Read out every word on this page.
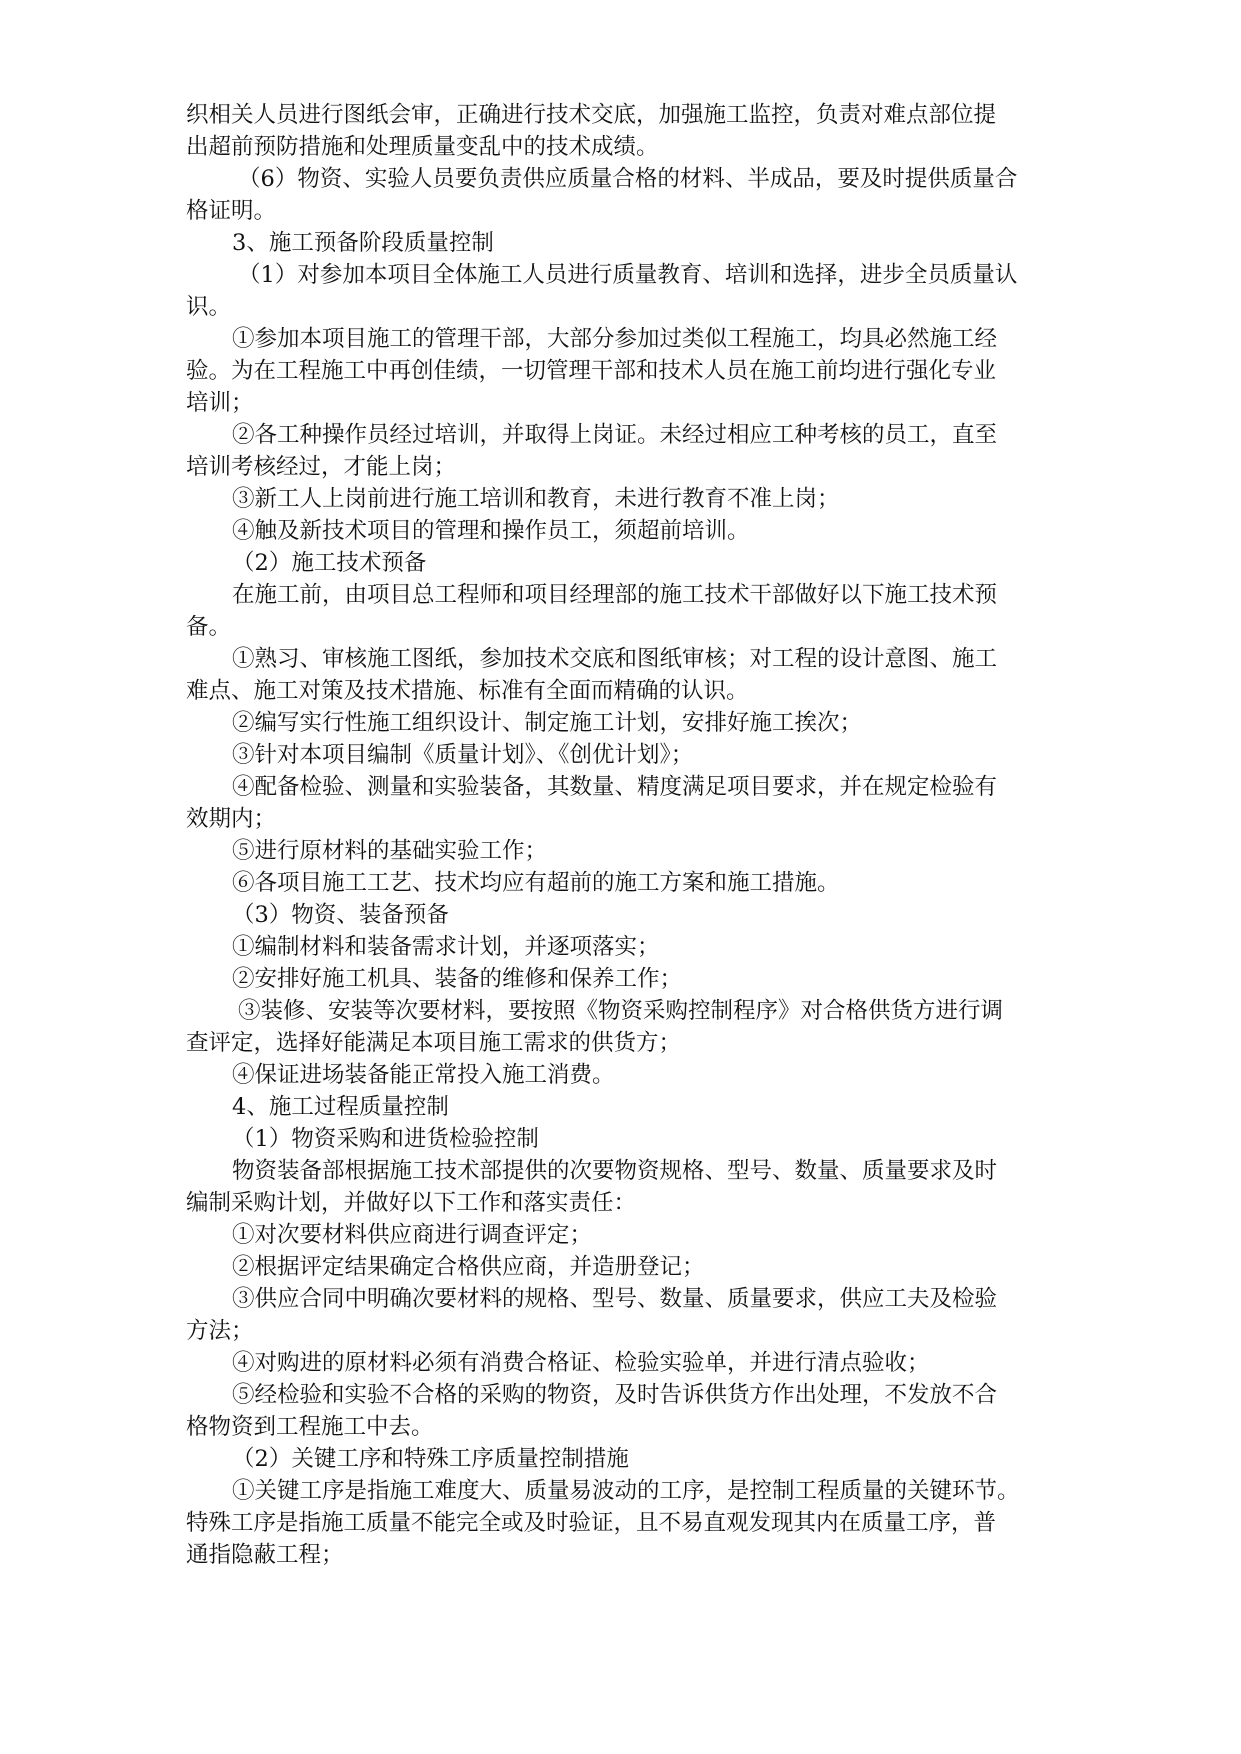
织相关人员进行图纸会审，正确进行技术交底，加强施工监控，负责对难点部位提
出超前预防措施和处理质量变乱中的技术成绩。
（6）物资、实验人员要负责供应质量合格的材料、半成品，要及时提供质量合
格证明。
3、施工预备阶段质量控制
（1）对参加本项目全体施工人员进行质量教育、培训和选择，进步全员质量认
识。
①参加本项目施工的管理干部，大部分参加过类似工程施工，均具必然施工经
验。为在工程施工中再创佳绩，一切管理干部和技术人员在施工前均进行强化专业
培训；
②各工种操作员经过培训，并取得上岗证。未经过相应工种考核的员工，直至
培训考核经过，才能上岗；
③新工人上岗前进行施工培训和教育，未进行教育不准上岗；
④触及新技术项目的管理和操作员工，须超前培训。
（2）施工技术预备
在施工前，由项目总工程师和项目经理部的施工技术干部做好以下施工技术预
备。
①熟习、审核施工图纸，参加技术交底和图纸审核；对工程的设计意图、施工
难点、施工对策及技术措施、标准有全面而精确的认识。
②编写实行性施工组织设计、制定施工计划，安排好施工挨次；
③针对本项目编制《质量计划》、《创优计划》；
④配备检验、测量和实验装备，其数量、精度满足项目要求，并在规定检验有
效期内；
⑤进行原材料的基础实验工作；
⑥各项目施工工艺、技术均应有超前的施工方案和施工措施。
（3）物资、装备预备
①编制材料和装备需求计划，并逐项落实；
②安排好施工机具、装备的维修和保养工作；
③装修、安装等次要材料，要按照《物资采购控制程序》对合格供货方进行调
查评定，选择好能满足本项目施工需求的供货方；
④保证进场装备能正常投入施工消费。
4、施工过程质量控制
（1）物资采购和进货检验控制
物资装备部根据施工技术部提供的次要物资规格、型号、数量、质量要求及时
编制采购计划，并做好以下工作和落实责任：
①对次要材料供应商进行调查评定；
②根据评定结果确定合格供应商，并造册登记；
③供应合同中明确次要材料的规格、型号、数量、质量要求，供应工夫及检验
方法；
④对购进的原材料必须有消费合格证、检验实验单，并进行清点验收；
⑤经检验和实验不合格的采购的物资，及时告诉供货方作出处理，不发放不合
格物资到工程施工中去。
（2）关键工序和特殊工序质量控制措施
①关键工序是指施工难度大、质量易波动的工序，是控制工程质量的关键环节。
特殊工序是指施工质量不能完全或及时验证，且不易直观发现其内在质量工序，普
通指隐蔽工程；
